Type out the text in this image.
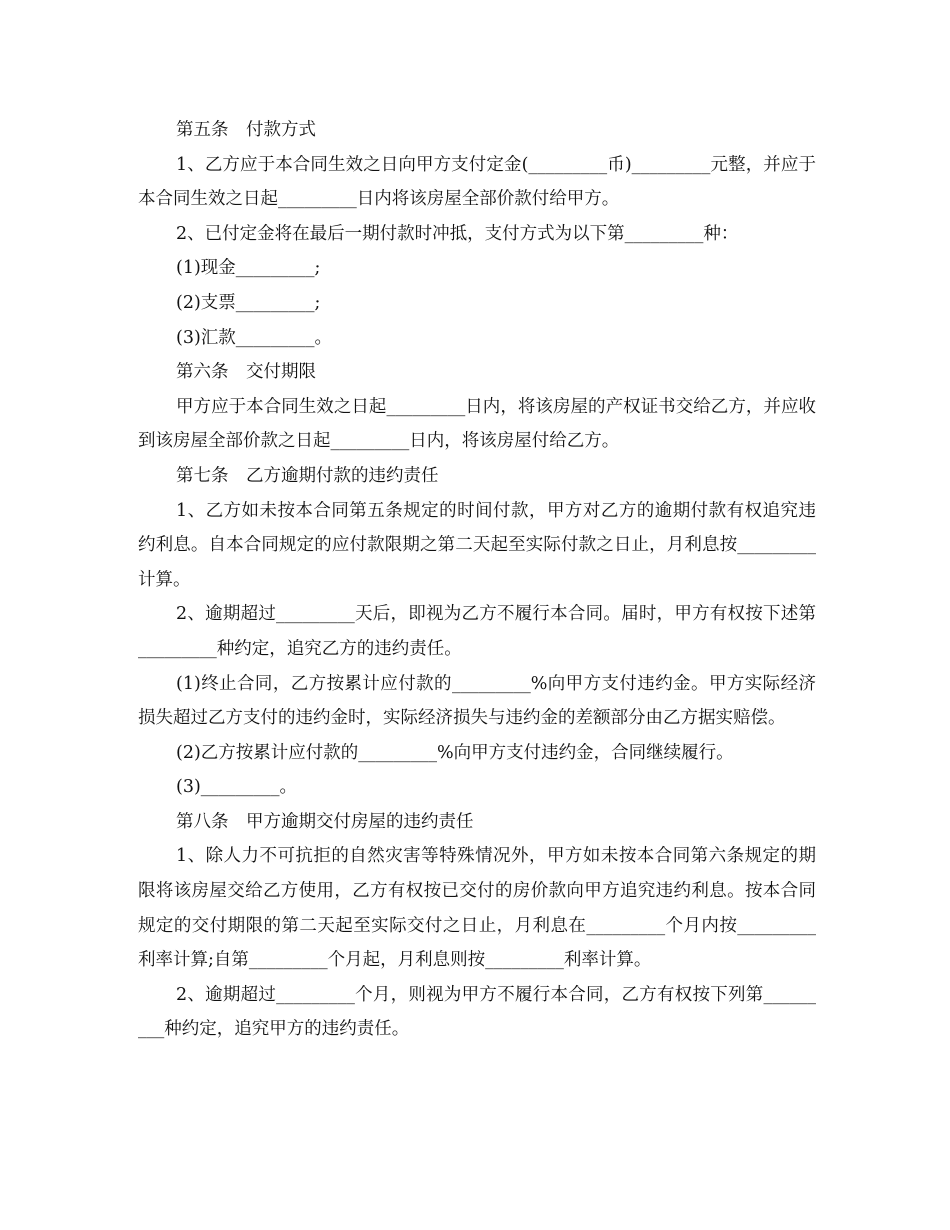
第五条　付款方式

1、乙方应于本合同生效之日向甲方支付定金(_________币)_________元整，并应于本合同生效之日起_________日内将该房屋全部价款付给甲方。

2、已付定金将在最后一期付款时冲抵，支付方式为以下第_________种：

(1)现金_________;

(2)支票_________;

(3)汇款_________。

第六条　交付期限

甲方应于本合同生效之日起_________日内，将该房屋的产权证书交给乙方，并应收到该房屋全部价款之日起_________日内，将该房屋付给乙方。

第七条　乙方逾期付款的违约责任

1、乙方如未按本合同第五条规定的时间付款，甲方对乙方的逾期付款有权追究违约利息。自本合同规定的应付款限期之第二天起至实际付款之日止，月利息按_________计算。

2、逾期超过_________天后，即视为乙方不履行本合同。届时，甲方有权按下述第_________种约定，追究乙方的违约责任。

(1)终止合同，乙方按累计应付款的_________%向甲方支付违约金。甲方实际经济损失超过乙方支付的违约金时，实际经济损失与违约金的差额部分由乙方据实赔偿。

(2)乙方按累计应付款的_________%向甲方支付违约金，合同继续履行。

(3)_________。

第八条　甲方逾期交付房屋的违约责任

1、除人力不可抗拒的自然灾害等特殊情况外，甲方如未按本合同第六条规定的期限将该房屋交给乙方使用，乙方有权按已交付的房价款向甲方追究违约利息。按本合同规定的交付期限的第二天起至实际交付之日止，月利息在_________个月内按_________利率计算;自第_________个月起，月利息则按_________利率计算。

2、逾期超过_________个月，则视为甲方不履行本合同，乙方有权按下列第_________种约定，追究甲方的违约责任。
